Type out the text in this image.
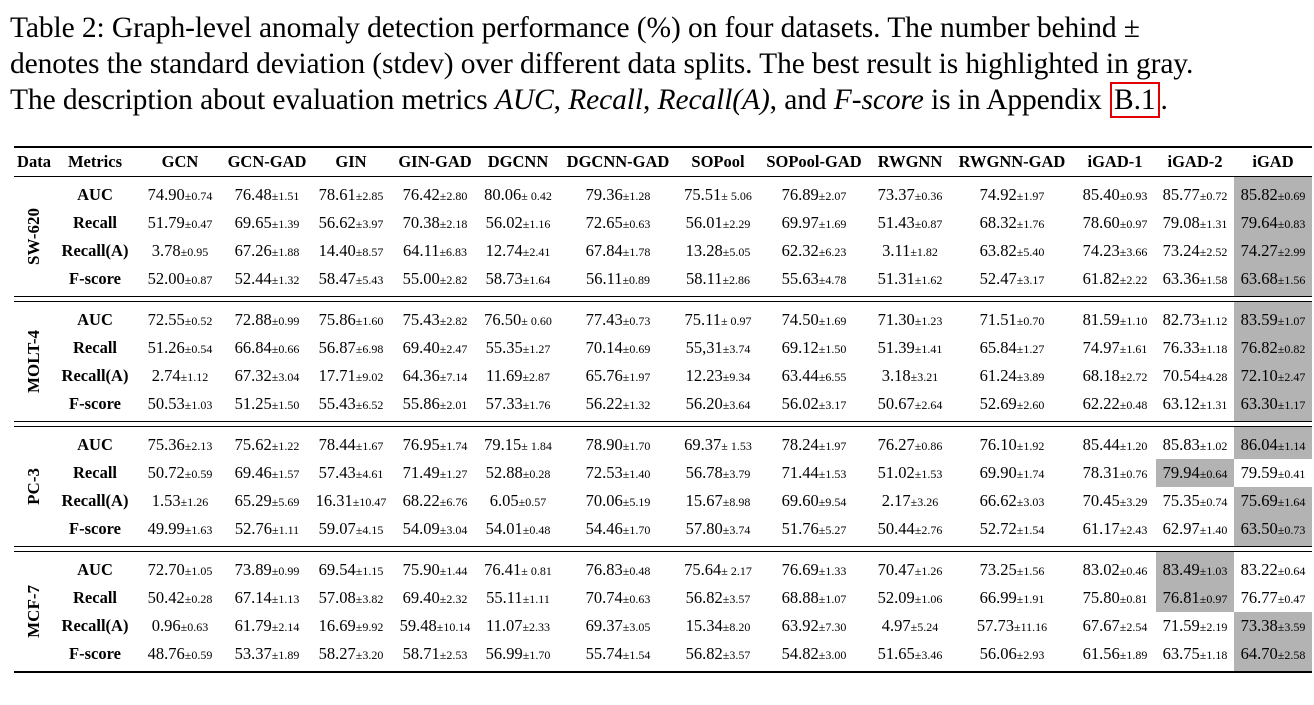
Table 2: Graph-level anomaly detection performance (%) on four datasets. The number behind ±
denotes the standard deviation (stdev) over different data splits. The best result is highlighted in gray.
The description about evaluation metrics AUC, Recall, Recall(A), and F-score is in Appendix B.1 .
Data	Metrics	GCN	GCN-GAD	GIN	GIN-GAD	DGCNN	DGCNN-GAD	SOPool	SOPool-GAD	RWGNN	RWGNN-GAD	iGAD-1	iGAD-2	iGAD
SW-620	AUC	74.90±0.74	76.48±1.51	78.61±2.85	76.42±2.80	80.06± 0.42	79.36±1.28	75.51± 5.06	76.89±2.07	73.37±0.36	74.92±1.97	85.40±0.93	85.77±0.72	85.82±0.69
	Recall	51.79±0.47	69.65±1.39	56.62±3.97	70.38±2.18	56.02±1.16	72.65±0.63	56.01±2.29	69.97±1.69	51.43±0.87	68.32±1.76	78.60±0.97	79.08±1.31	79.64±0.83
	Recall(A)	3.78±0.95	67.26±1.88	14.40±8.57	64.11±6.83	12.74±2.41	67.84±1.78	13.28±5.05	62.32±6.23	3.11±1.82	63.82±5.40	74.23±3.66	73.24±2.52	74.27±2.99
	F-score	52.00±0.87	52.44±1.32	58.47±5.43	55.00±2.82	58.73±1.64	56.11±0.89	58.11±2.86	55.63±4.78	51.31±1.62	52.47±3.17	61.82±2.22	63.36±1.58	63.68±1.56

MOLT-4	AUC	72.55±0.52	72.88±0.99	75.86±1.60	75.43±2.82	76.50± 0.60	77.43±0.73	75.11± 0.97	74.50±1.69	71.30±1.23	71.51±0.70	81.59±1.10	82.73±1.12	83.59±1.07
	Recall	51.26±0.54	66.84±0.66	56.87±6.98	69.40±2.47	55.35±1.27	70.14±0.69	55,31±3.74	69.12±1.50	51.39±1.41	65.84±1.27	74.97±1.61	76.33±1.18	76.82±0.82
	Recall(A)	2.74±1.12	67.32±3.04	17.71±9.02	64.36±7.14	11.69±2.87	65.76±1.97	12.23±9.34	63.44±6.55	3.18±3.21	61.24±3.89	68.18±2.72	70.54±4.28	72.10±2.47
	F-score	50.53±1.03	51.25±1.50	55.43±6.52	55.86±2.01	57.33±1.76	56.22±1.32	56.20±3.64	56.02±3.17	50.67±2.64	52.69±2.60	62.22±0.48	63.12±1.31	63.30±1.17

PC-3	AUC	75.36±2.13	75.62±1.22	78.44±1.67	76.95±1.74	79.15± 1.84	78.90±1.70	69.37± 1.53	78.24±1.97	76.27±0.86	76.10±1.92	85.44±1.20	85.83±1.02	86.04±1.14
	Recall	50.72±0.59	69.46±1.57	57.43±4.61	71.49±1.27	52.88±0.28	72.53±1.40	56.78±3.79	71.44±1.53	51.02±1.53	69.90±1.74	78.31±0.76	79.94±0.64	79.59±0.41
	Recall(A)	1.53±1.26	65.29±5.69	16.31±10.47	68.22±6.76	6.05±0.57	70.06±5.19	15.67±8.98	69.60±9.54	2.17±3.26	66.62±3.03	70.45±3.29	75.35±0.74	75.69±1.64
	F-score	49.99±1.63	52.76±1.11	59.07±4.15	54.09±3.04	54.01±0.48	54.46±1.70	57.80±3.74	51.76±5.27	50.44±2.76	52.72±1.54	61.17±2.43	62.97±1.40	63.50±0.73

MCF-7	AUC	72.70±1.05	73.89±0.99	69.54±1.15	75.90±1.44	76.41± 0.81	76.83±0.48	75.64± 2.17	76.69±1.33	70.47±1.26	73.25±1.56	83.02±0.46	83.49±1.03	83.22±0.64
	Recall	50.42±0.28	67.14±1.13	57.08±3.82	69.40±2.32	55.11±1.11	70.74±0.63	56.82±3.57	68.88±1.07	52.09±1.06	66.99±1.91	75.80±0.81	76.81±0.97	76.77±0.47
	Recall(A)	0.96±0.63	61.79±2.14	16.69±9.92	59.48±10.14	11.07±2.33	69.37±3.05	15.34±8.20	63.92±7.30	4.97±5.24	57.73±11.16	67.67±2.54	71.59±2.19	73.38±3.59
	F-score	48.76±0.59	53.37±1.89	58.27±3.20	58.71±2.53	56.99±1.70	55.74±1.54	56.82±3.57	54.82±3.00	51.65±3.46	56.06±2.93	61.56±1.89	63.75±1.18	64.70±2.58
